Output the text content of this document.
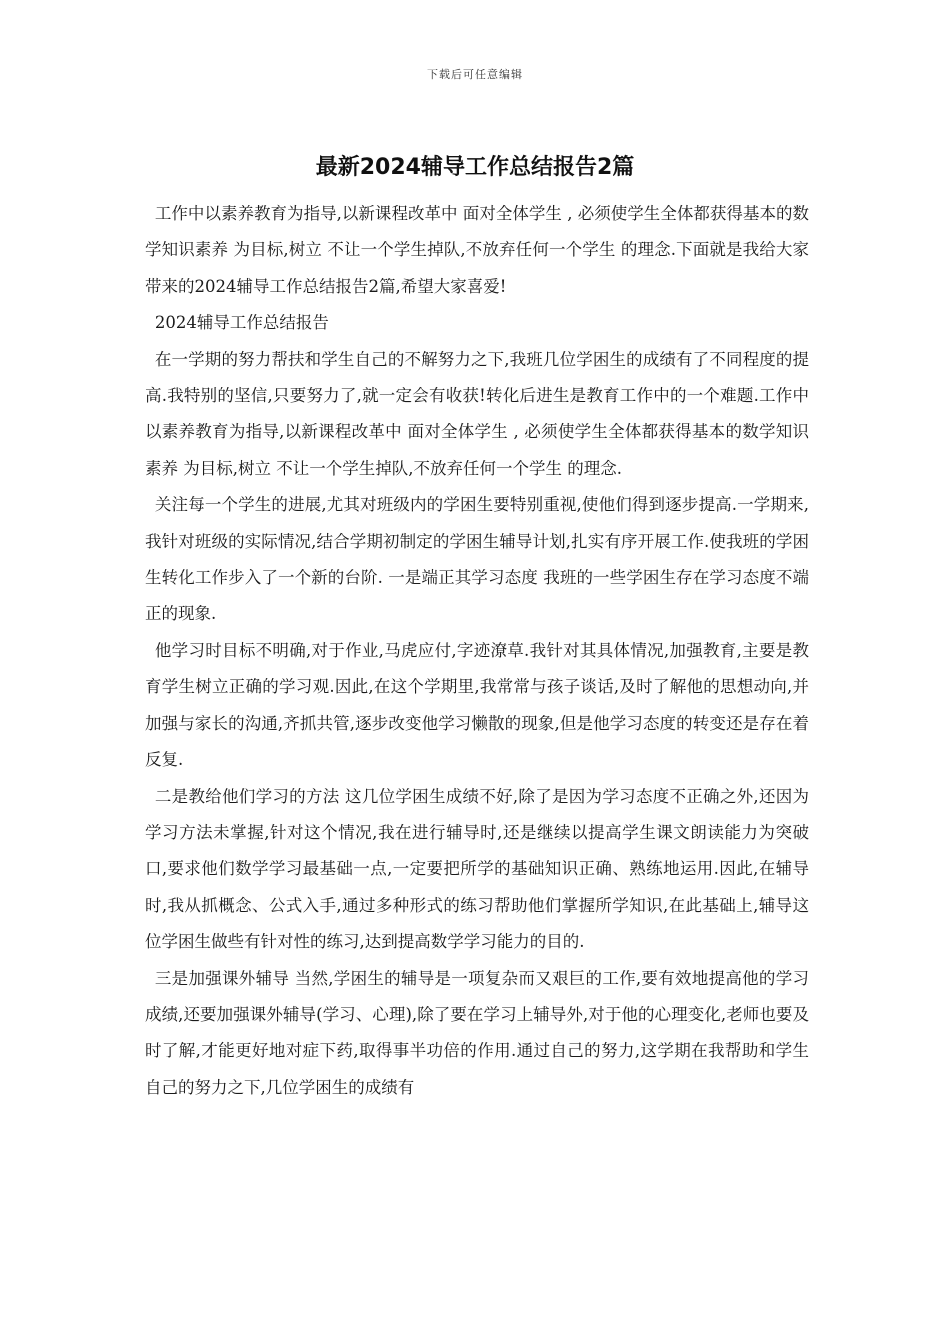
下载后可任意编辑
最新2024辅导工作总结报告2篇

工作中以素养教育为指导,以新课程改革中 面对全体学生 , 必须使学生全体都获得基本的数学知识素养 为目标,树立 不让一个学生掉队,不放弃任何一个学生 的理念.下面就是我给大家带来的2024辅导工作总结报告2篇,希望大家喜爱!

2024辅导工作总结报告

在一学期的努力帮扶和学生自己的不解努力之下,我班几位学困生的成绩有了不同程度的提高.我特别的坚信,只要努力了,就一定会有收获!转化后进生是教育工作中的一个难题.工作中以素养教育为指导,以新课程改革中 面对全体学生 , 必须使学生全体都获得基本的数学知识素养 为目标,树立 不让一个学生掉队,不放弃任何一个学生 的理念.

关注每一个学生的进展,尤其对班级内的学困生要特别重视,使他们得到逐步提高.一学期来,我针对班级的实际情况,结合学期初制定的学困生辅导计划,扎实有序开展工作.使我班的学困生转化工作步入了一个新的台阶. 一是端正其学习态度 我班的一些学困生存在学习态度不端正的现象.

他学习时目标不明确,对于作业,马虎应付,字迹潦草.我针对其具体情况,加强教育,主要是教育学生树立正确的学习观.因此,在这个学期里,我常常与孩子谈话,及时了解他的思想动向,并加强与家长的沟通,齐抓共管,逐步改变他学习懒散的现象,但是他学习态度的转变还是存在着反复.

二是教给他们学习的方法 这几位学困生成绩不好,除了是因为学习态度不正确之外,还因为学习方法未掌握,针对这个情况,我在进行辅导时,还是继续以提高学生课文朗读能力为突破口,要求他们数学学习最基础一点,一定要把所学的基础知识正确、熟练地运用.因此,在辅导时,我从抓概念、公式入手,通过多种形式的练习帮助他们掌握所学知识,在此基础上,辅导这位学困生做些有针对性的练习,达到提高数学学习能力的目的.

三是加强课外辅导 当然,学困生的辅导是一项复杂而又艰巨的工作,要有效地提高他的学习成绩,还要加强课外辅导(学习、心理),除了要在学习上辅导外,对于他的心理变化,老师也要及时了解,才能更好地对症下药,取得事半功倍的作用.通过自己的努力,这学期在我帮助和学生自己的努力之下,几位学困生的成绩有
